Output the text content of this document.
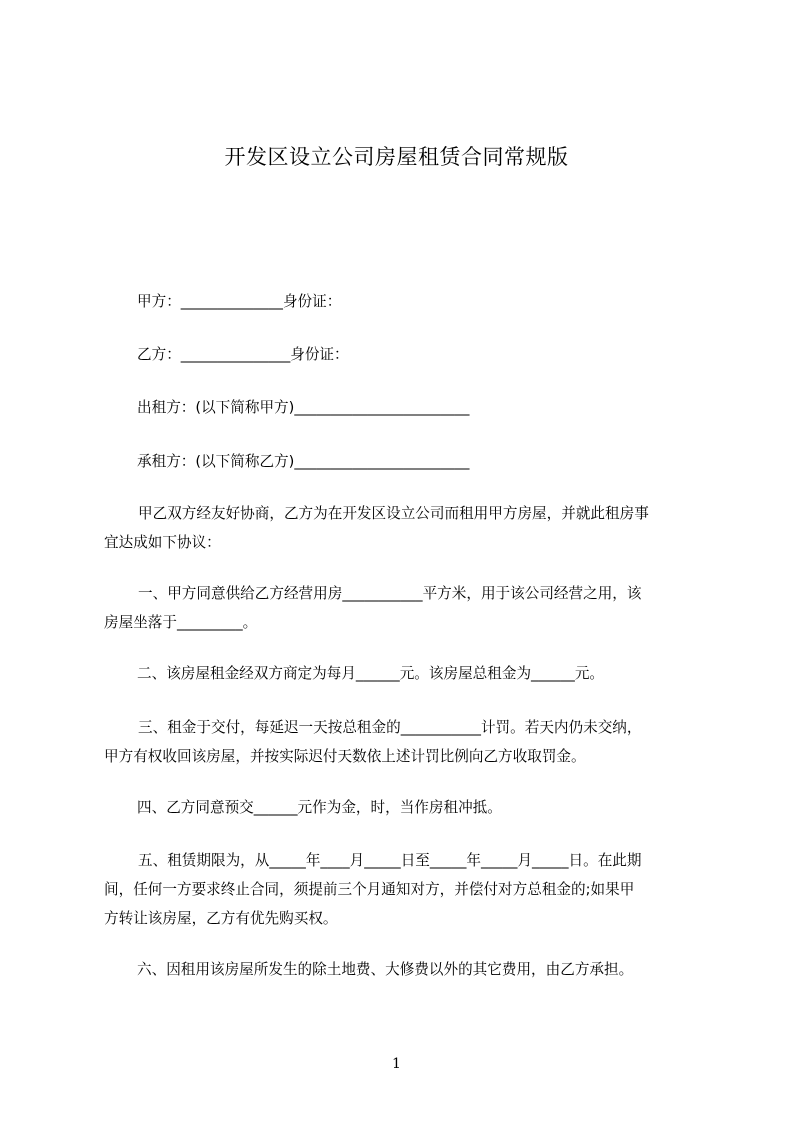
开发区设立公司房屋租赁合同常规版
甲方：______________身份证：
乙方：_______________身份证：
出租方：(以下简称甲方)________________________
承租方：(以下简称乙方)________________________
甲乙双方经友好协商，乙方为在开发区设立公司而租用甲方房屋，并就此租房事
宜达成如下协议：
一、甲方同意供给乙方经营用房___________平方米，用于该公司经营之用，该
房屋坐落于_________。
二、该房屋租金经双方商定为每月______元。该房屋总租金为______元。
三、租金于交付，每延迟一天按总租金的___________计罚。若天内仍未交纳，
甲方有权收回该房屋，并按实际迟付天数依上述计罚比例向乙方收取罚金。
四、乙方同意预交______元作为金，时，当作房租冲抵。
五、租赁期限为，从_____年____月_____日至_____年_____月_____日。在此期
间，任何一方要求终止合同，须提前三个月通知对方，并偿付对方总租金的;如果甲
方转让该房屋，乙方有优先购买权。
六、因租用该房屋所发生的除土地费、大修费以外的其它费用，由乙方承担。
1
